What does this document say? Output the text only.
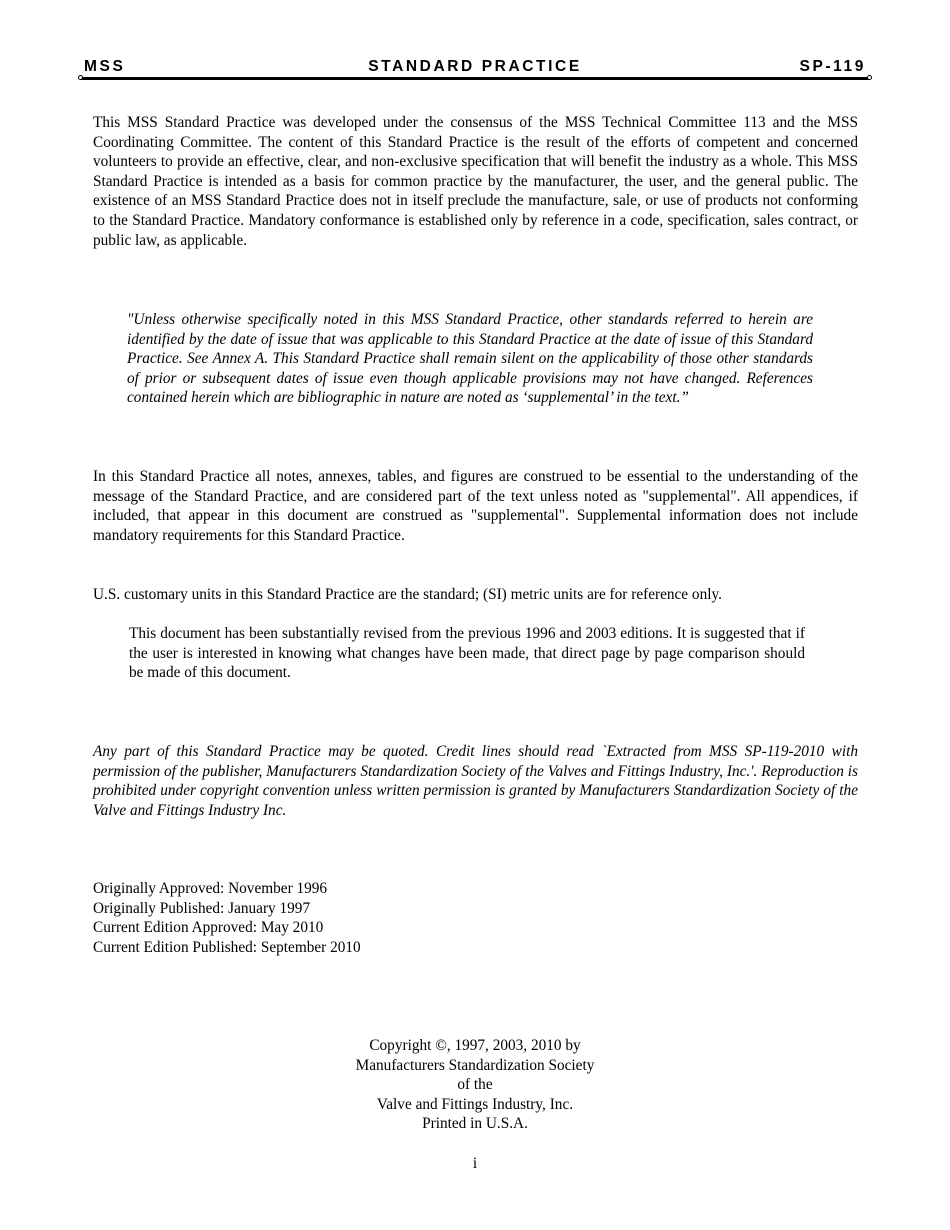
MSS	STANDARD PRACTICE	SP-119

This MSS Standard Practice was developed under the consensus of the MSS Technical Committee 113 and the MSS Coordinating Committee. The content of this Standard Practice is the result of the efforts of competent and concerned volunteers to provide an effective, clear, and non-exclusive specification that will benefit the industry as a whole. This MSS Standard Practice is intended as a basis for common practice by the manufacturer, the user, and the general public. The existence of an MSS Standard Practice does not in itself preclude the manufacture, sale, or use of products not conforming to the Standard Practice. Mandatory conformance is established only by reference in a code, specification, sales contract, or public law, as applicable.

"Unless otherwise specifically noted in this MSS Standard Practice, other standards referred to herein are identified by the date of issue that was applicable to this Standard Practice at the date of issue of this Standard Practice. See Annex A. This Standard Practice shall remain silent on the applicability of those other standards of prior or subsequent dates of issue even though applicable provisions may not have changed. References contained herein which are bibliographic in nature are noted as ‘supplemental’ in the text.”

In this Standard Practice all notes, annexes, tables, and figures are construed to be essential to the understanding of the message of the Standard Practice, and are considered part of the text unless noted as "supplemental". All appendices, if included, that appear in this document are construed as "supplemental". Supplemental information does not include mandatory requirements for this Standard Practice.

U.S. customary units in this Standard Practice are the standard; (SI) metric units are for reference only.

This document has been substantially revised from the previous 1996 and 2003 editions. It is suggested that if the user is interested in knowing what changes have been made, that direct page by page comparison should be made of this document.

Any part of this Standard Practice may be quoted. Credit lines should read `Extracted from MSS SP-119-2010 with permission of the publisher, Manufacturers Standardization Society of the Valves and Fittings Industry, Inc.'. Reproduction is prohibited under copyright convention unless written permission is granted by Manufacturers Standardization Society of the Valve and Fittings Industry Inc.

Originally Approved: November 1996
Originally Published: January 1997
Current Edition Approved: May 2010
Current Edition Published: September 2010
Copyright ©, 1997, 2003, 2010 by
Manufacturers Standardization Society
of the
Valve and Fittings Industry, Inc.
Printed in U.S.A.
i
